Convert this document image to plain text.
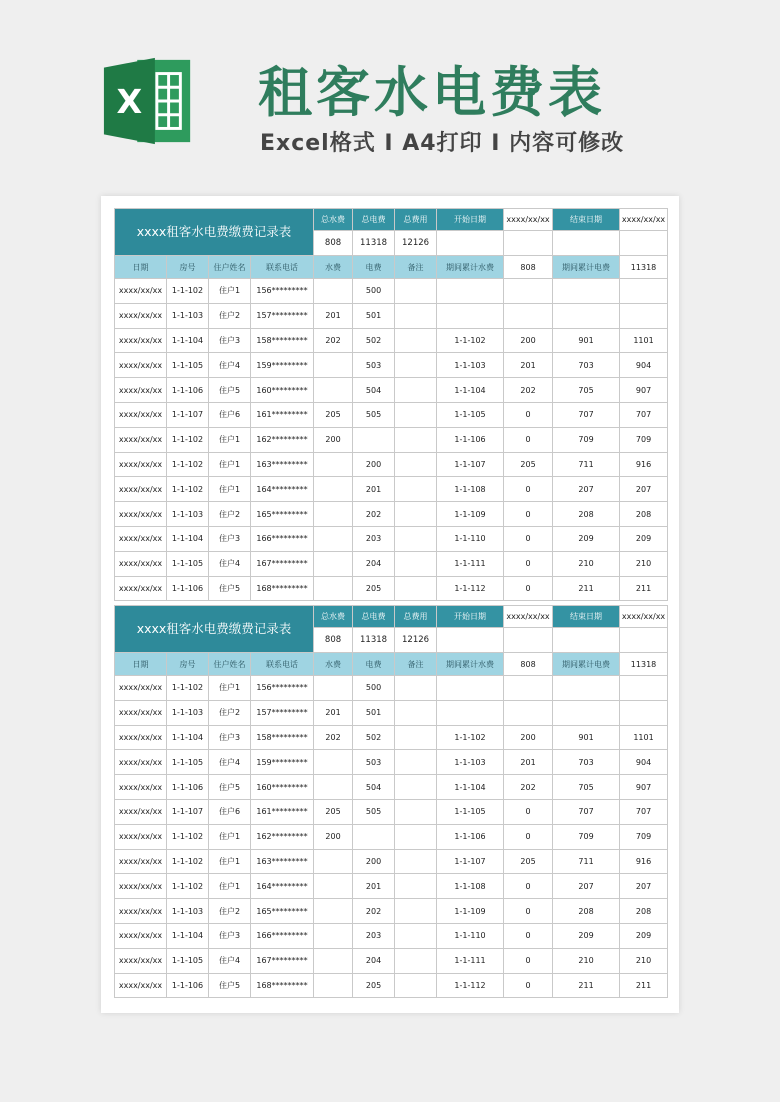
X 租客水电费表
Excel格式 I A4打印 I 内容可修改
xxxx租客水电费缴费记录表				总水费	总电费	总费用	开始日期	xxxx/xx/xx	结束日期	xxxx/xx/xx
				808	11318	12126				
日期	房号	住户姓名	联系电话	水费	电费	备注	期间累计水费	808	期间累计电费	11318
xxxx/xx/xx	1-1-102	住户1	156*********		500					
xxxx/xx/xx	1-1-103	住户2	157*********	201	501					
xxxx/xx/xx	1-1-104	住户3	158*********	202	502		1-1-102	200	901	1101
xxxx/xx/xx	1-1-105	住户4	159*********		503		1-1-103	201	703	904
xxxx/xx/xx	1-1-106	住户5	160*********		504		1-1-104	202	705	907
xxxx/xx/xx	1-1-107	住户6	161*********	205	505		1-1-105	0	707	707
xxxx/xx/xx	1-1-102	住户1	162*********	200			1-1-106	0	709	709
xxxx/xx/xx	1-1-102	住户1	163*********		200		1-1-107	205	711	916
xxxx/xx/xx	1-1-102	住户1	164*********		201		1-1-108	0	207	207
xxxx/xx/xx	1-1-103	住户2	165*********		202		1-1-109	0	208	208
xxxx/xx/xx	1-1-104	住户3	166*********		203		1-1-110	0	209	209
xxxx/xx/xx	1-1-105	住户4	167*********		204		1-1-111	0	210	210
xxxx/xx/xx	1-1-106	住户5	168*********		205		1-1-112	0	211	211
xxxx租客水电费缴费记录表				总水费	总电费	总费用	开始日期	xxxx/xx/xx	结束日期	xxxx/xx/xx
				808	11318	12126				
日期	房号	住户姓名	联系电话	水费	电费	备注	期间累计水费	808	期间累计电费	11318
xxxx/xx/xx	1-1-102	住户1	156*********		500					
xxxx/xx/xx	1-1-103	住户2	157*********	201	501					
xxxx/xx/xx	1-1-104	住户3	158*********	202	502		1-1-102	200	901	1101
xxxx/xx/xx	1-1-105	住户4	159*********		503		1-1-103	201	703	904
xxxx/xx/xx	1-1-106	住户5	160*********		504		1-1-104	202	705	907
xxxx/xx/xx	1-1-107	住户6	161*********	205	505		1-1-105	0	707	707
xxxx/xx/xx	1-1-102	住户1	162*********	200			1-1-106	0	709	709
xxxx/xx/xx	1-1-102	住户1	163*********		200		1-1-107	205	711	916
xxxx/xx/xx	1-1-102	住户1	164*********		201		1-1-108	0	207	207
xxxx/xx/xx	1-1-103	住户2	165*********		202		1-1-109	0	208	208
xxxx/xx/xx	1-1-104	住户3	166*********		203		1-1-110	0	209	209
xxxx/xx/xx	1-1-105	住户4	167*********		204		1-1-111	0	210	210
xxxx/xx/xx	1-1-106	住户5	168*********		205		1-1-112	0	211	211
